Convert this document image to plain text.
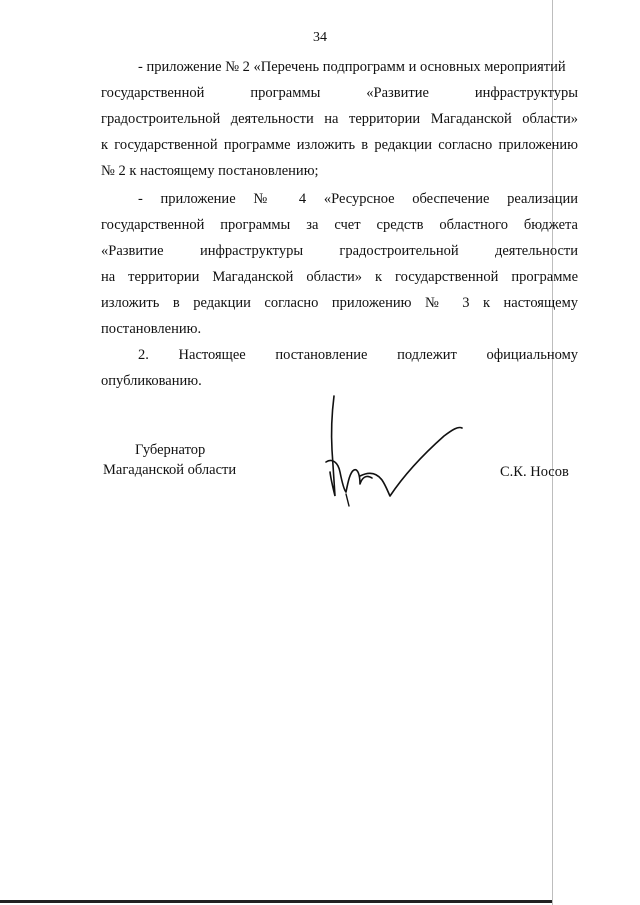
34
- приложение № 2 «Перечень подпрограмм и основных мероприятий
государственной программы «Развитие инфраструктуры
градостроительной деятельности на территории Магаданской области»
к государственной программе изложить в редакции согласно приложению
№ 2 к настоящему постановлению;
- приложение № 4 «Ресурсное обеспечение реализации
государственной программы за счет средств областного бюджета
«Развитие инфраструктуры градостроительной деятельности
на территории Магаданской области» к государственной программе
изложить в редакции согласно приложению № 3 к настоящему
постановлению.
2. Настоящее постановление подлежит официальному
опубликованию.
Губернатор
Магаданской области	С.К. Носов
